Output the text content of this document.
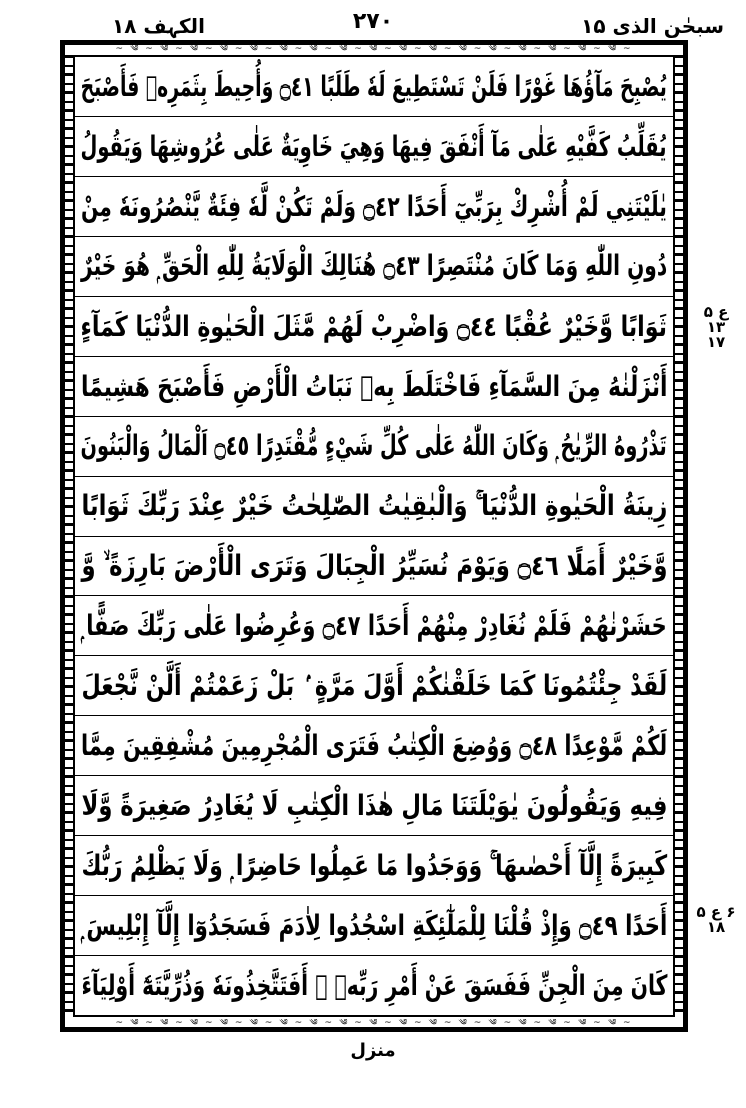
سبحٰن الذی ۱۵
۲۷۰
الکہف ۱۸
~ ༄ ~ ༄ ~ ༄ ~ ༄ ~ ༄ ~ ༄ ~ ༄ ~ ༄ ~ ༄ ~ ༄ ~ ༄ ~ ༄ ~ ༄ ~ ༄ ~ ༄ ~ ༄ ~ ༄ ~
~ ༄ ~ ༄ ~ ༄ ~ ༄ ~ ༄ ~ ༄ ~ ༄ ~ ༄ ~ ༄ ~ ༄ ~ ༄ ~ ༄ ~ ༄ ~ ༄ ~ ༄ ~ ༄ ~ ༄ ~
يُصْبِحَ مَآؤُهَا غَوْرًا فَلَنْ تَسْتَطِيعَ لَهٗ طَلَبًا ۝٤١ وَأُحِيطَ بِثَمَرِهٖ فَأَصْبَحَ
يُقَلِّبُ كَفَّيْهِ عَلٰى مَآ أَنْفَقَ فِيهَا وَهِيَ خَاوِيَةٌ عَلٰى عُرُوشِهَا وَيَقُولُ
يٰلَيْتَنِي لَمْ أُشْرِكْ بِرَبِّيٓ أَحَدًا ۝٤٢ وَلَمْ تَكُنْ لَّهٗ فِئَةٌ يَّنْصُرُونَهٗ مِنْ
دُونِ اللّٰهِ وَمَا كَانَ مُنْتَصِرًا ۝٤٣ هُنَالِكَ الْوَلَايَةُ لِلّٰهِ الْحَقِّ ۭ هُوَ خَيْرٌ
ثَوَابًا وَّخَيْرٌ عُقْبًا ۝٤٤ وَاضْرِبْ لَهُمْ مَّثَلَ الْحَيٰوةِ الدُّنْيَا كَمَآءٍ
أَنْزَلْنٰهُ مِنَ السَّمَآءِ فَاخْتَلَطَ بِهٖ نَبَاتُ الْأَرْضِ فَأَصْبَحَ هَشِيمًا
تَذْرُوهُ الرِّيٰحُ ۭ وَكَانَ اللّٰهُ عَلٰى كُلِّ شَيْءٍ مُّقْتَدِرًا ۝٤٥ اَلْمَالُ وَالْبَنُونَ
زِينَةُ الْحَيٰوةِ الدُّنْيَا ۚ وَالْبٰقِيٰتُ الصّٰلِحٰتُ خَيْرٌ عِنْدَ رَبِّكَ ثَوَابًا
وَّخَيْرٌ أَمَلًا ۝٤٦ وَيَوْمَ نُسَيِّرُ الْجِبَالَ وَتَرَى الْأَرْضَ بَارِزَةً ۙ وَّ
حَشَرْنٰهُمْ فَلَمْ نُغَادِرْ مِنْهُمْ أَحَدًا ۝٤٧ وَعُرِضُوا عَلٰى رَبِّكَ صَفًّا ۭ
لَقَدْ جِئْتُمُونَا كَمَا خَلَقْنٰكُمْ أَوَّلَ مَرَّةٍ ۢ بَلْ زَعَمْتُمْ أَلَّنْ نَّجْعَلَ
لَكُمْ مَّوْعِدًا ۝٤٨ وَوُضِعَ الْكِتٰبُ فَتَرَى الْمُجْرِمِينَ مُشْفِقِينَ مِمَّا
فِيهِ وَيَقُولُونَ يٰوَيْلَتَنَا مَالِ هٰذَا الْكِتٰبِ لَا يُغَادِرُ صَغِيرَةً وَّلَا
كَبِيرَةً إِلَّآ أَحْصٰىهَا ۚ وَوَجَدُوا مَا عَمِلُوا حَاضِرًا ۭ وَلَا يَظْلِمُ رَبُّكَ
أَحَدًا ۝٤٩ وَإِذْ قُلْنَا لِلْمَلٰٓئِكَةِ اسْجُدُوا لِاٰدَمَ فَسَجَدُوٓا إِلَّآ إِبْلِيسَ ۭ
كَانَ مِنَ الْجِنِّ فَفَسَقَ عَنْ أَمْرِ رَبِّهٖ ۭ أَفَتَتَّخِذُونَهٗ وَذُرِّيَّتَهٗٓ أَوْلِيَآءَ
ع ۵ ۱۳ ۱۷
۶ ع ۵ ۱۸
منزل
